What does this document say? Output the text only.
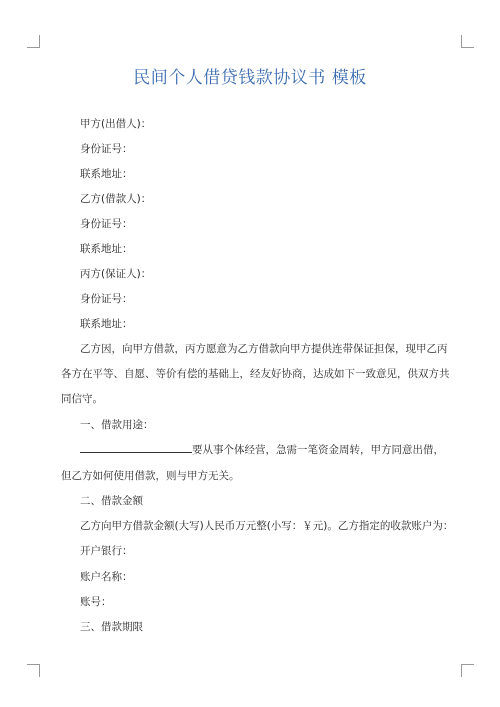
民间个人借贷钱款协议书 模板
甲方(出借人)：
身份证号：
联系地址：
乙方(借款人)：
身份证号：
联系地址：
丙方(保证人)：
身份证号：
联系地址：
乙方因，向甲方借款，丙方愿意为乙方借款向甲方提供连带保证担保，现甲乙丙
各方在平等、自愿、等价有偿的基础上，经友好协商，达成如下一致意见，供双方共
同信守。
一、借款用途：
要从事个体经营，急需一笔资金周转，甲方同意出借，
但乙方如何使用借款，则与甲方无关。
二、借款金额
乙方向甲方借款金额(大写)人民币万元整(小写：￥元)。乙方指定的收款账户为：
开户银行：
账户名称：
账号：
三、借款期限
